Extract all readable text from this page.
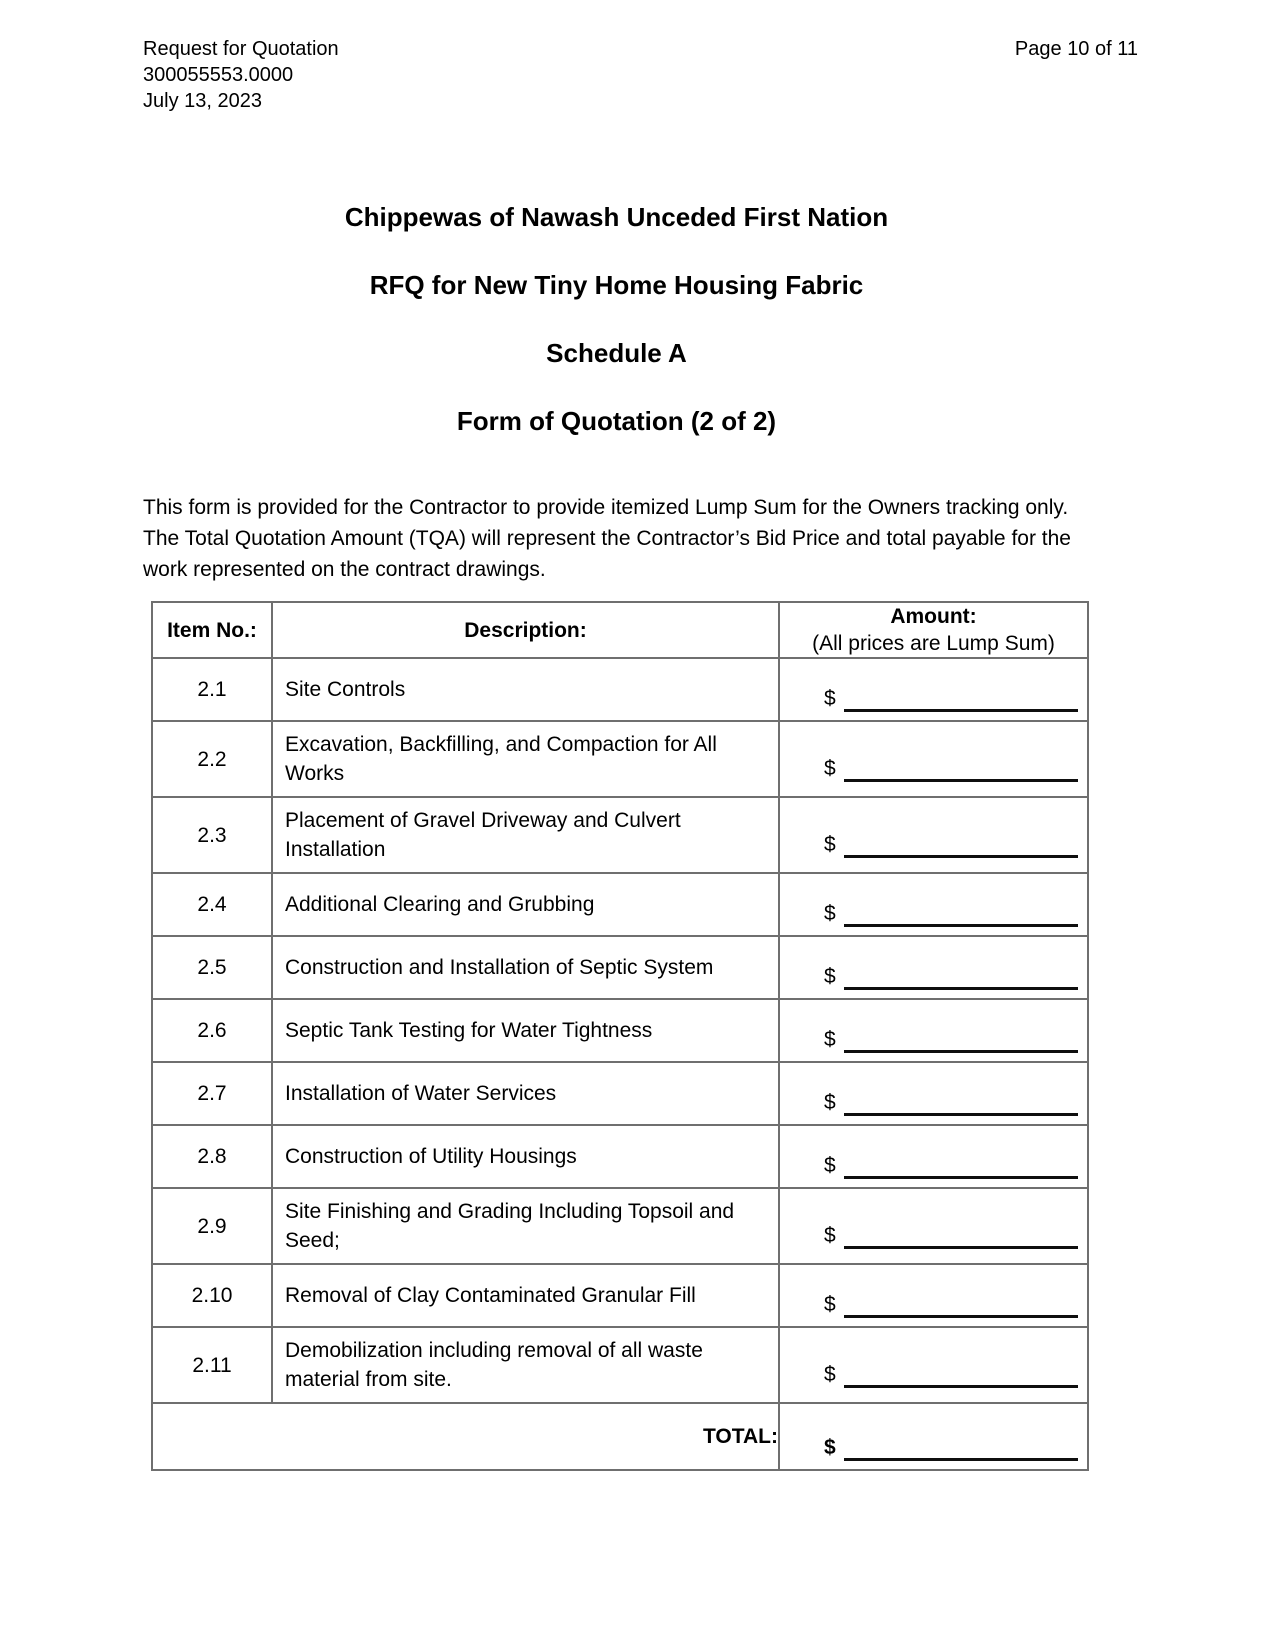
Request for Quotation
300055553.0000
July 13, 2023
Page 10 of 11
Chippewas of Nawash Unceded First Nation
RFQ for New Tiny Home Housing Fabric
Schedule A
Form of Quotation (2 of 2)

This form is provided for the Contractor to provide itemized Lump Sum for the Owners tracking only.  The Total Quotation Amount (TQA) will represent the Contractor’s Bid Price and total payable for the work represented on the contract drawings.

Item No.:	Description:	Amount:
(All prices are Lump Sum)

2.1	Site Controls	$

2.2	Excavation, Backfilling, and Compaction for All Works	$

2.3	Placement of Gravel Driveway and Culvert Installation	$

2.4	Additional Clearing and Grubbing	$

2.5	Construction and Installation of Septic System	$

2.6	Septic Tank Testing for Water Tightness	$

2.7	Installation of Water Services	$

2.8	Construction of Utility Housings	$

2.9	Site Finishing and Grading Including Topsoil and Seed;	$

2.10	Removal of Clay Contaminated Granular Fill	$

2.11	Demobilization including removal of all waste material from site.	$

TOTAL:		$
